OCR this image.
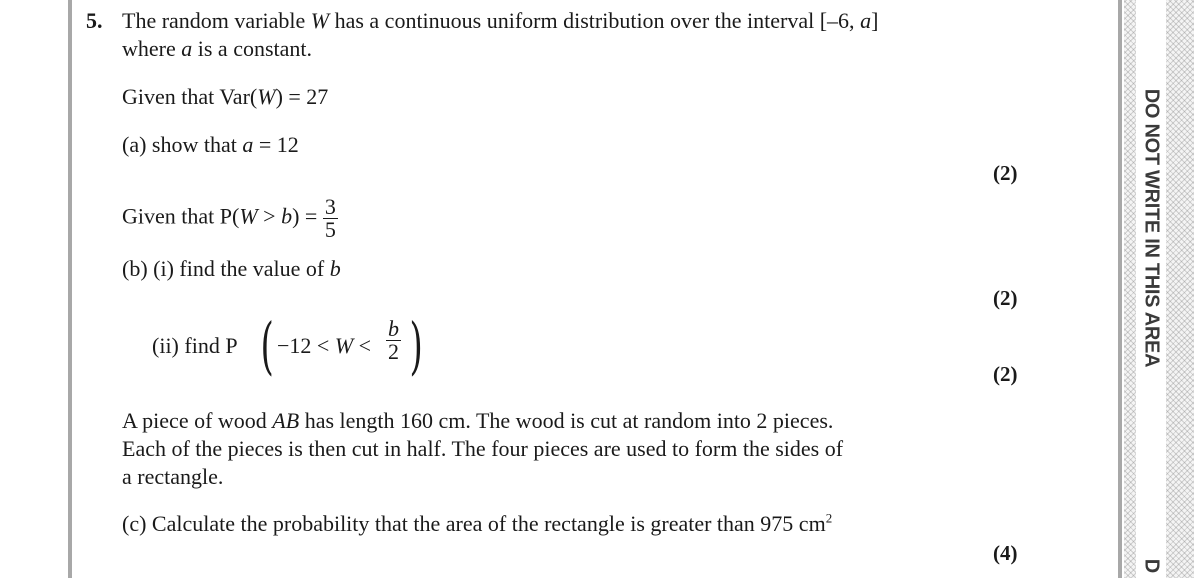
DO NOT WRITE IN THIS AREA
D
5. The random variable W has a continuous uniform distribution over the interval [–6, a]
where a is a constant.
Given that Var(W) = 27
(a) show that a = 12
(2)
Given that $P(W > b) = \frac{3}{5}$
(b) (i) find the value of b
(2)
(ii) find P ( $-12 < W < \frac{b}{2}$ )	(2)
A piece of wood AB has length 160 cm. The wood is cut at random into 2 pieces.
Each of the pieces is then cut in half. The four pieces are used to form the sides of
a rectangle.
(c) Calculate the probability that the area of the rectangle is greater than 975 $cm^2$
(4)
